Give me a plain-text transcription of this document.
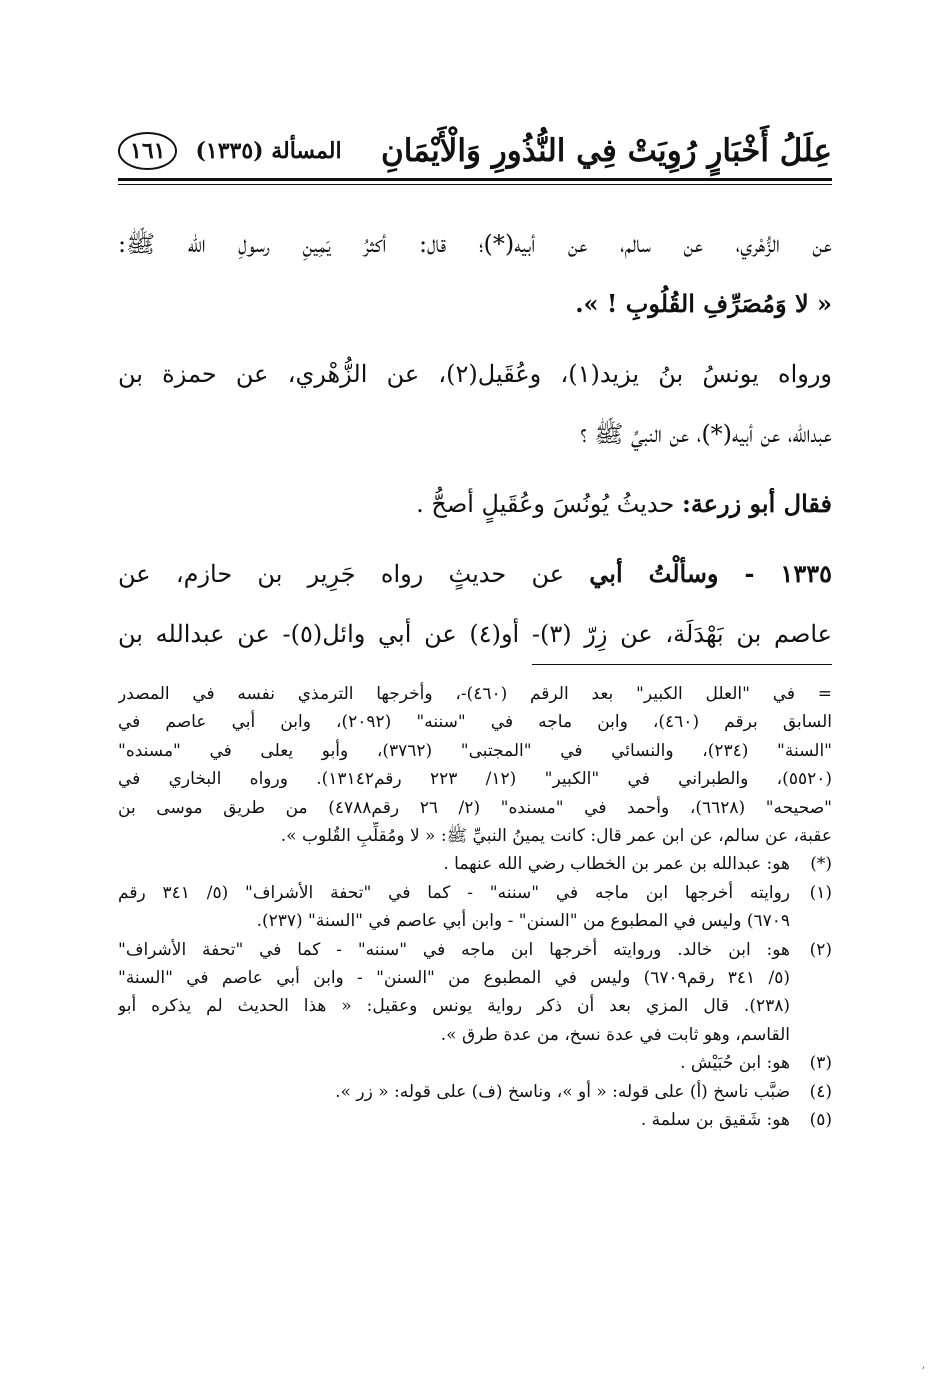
عِلَلُ أَخْبَارٍ رُوِيَتْ فِي النُّذُورِ وَالْأَيْمَانِ
المسألة (١٣٣٥)
١٦١
عن الزُّهْري، عن سالم، عن أبيه(*)؛ قال: أكثرُ يَمِينِ رسولِ الله ﷺ:
« لا وَمُصَرِّفِ القُلُوبِ ! ».
ورواه يونسُ بنُ يزيد(١)، وعُقَيل(٢)، عن الزُّهْري، عن حمزة بن
عبدالله، عن أبيه(*)، عن النبيِّ ﷺ ؟
فقال أبو زرعة: حديثُ يُونُسَ وعُقَيلٍ أصحُّ .
١٣٣٥ - وسألْتُ أبي عن حديثٍ رواه جَرِير بن حازم، عن
عاصم بن بَهْدَلَة، عن زِرّ (٣)- أو(٤) عن أبي وائل(٥)- عن عبدالله بن
= في "العلل الكبير" بعد الرقم (٤٦٠)-، وأخرجها الترمذي نفسه في المصدر
السابق برقم (٤٦٠)، وابن ماجه في "سننه" (٢٠٩٢)، وابن أبي عاصم في
"السنة" (٢٣٤)، والنسائي في "المجتبى" (٣٧٦٢)، وأبو يعلى في "مسنده"
(٥٥٢٠)، والطبراني في "الكبير" (١٢/ ٢٢٣ رقم١٣١٤٢). ورواه البخاري في
"صحيحه" (٦٦٢٨)، وأحمد في "مسنده" (٢/ ٢٦ رقم٤٧٨٨) من طريق موسى بن
عقبة، عن سالم، عن ابن عمر قال: كانت يمينُ النبيِّ ﷺ: « لا ومُقلِّبِ القُلوب ».
(*)
هو: عبدالله بن عمر بن الخطاب رضي الله عنهما .
(١)
روايته أخرجها ابن ماجه في "سننه" - كما في "تحفة الأشراف" (٥/ ٣٤١ رقم
٦٧٠٩) وليس في المطبوع من "السنن" - وابن أبي عاصم في "السنة" (٢٣٧).
(٢)
هو: ابن خالد. وروايته أخرجها ابن ماجه في "سننه" - كما في "تحفة الأشراف"
(٥/ ٣٤١ رقم٦٧٠٩) وليس في المطبوع من "السنن" - وابن أبي عاصم في "السنة"
(٢٣٨). قال المزي بعد أن ذكر رواية يونس وعقيل: « هذا الحديث لم يذكره أبو
القاسم، وهو ثابت في عدة نسخ، من عدة طرق ».
(٣)
هو: ابن حُبَيْش .
(٤)
ضبَّب ناسخ (أ) على قوله: « أو »، وناسخ (ف) على قوله: « زر ».
(٥)
هو: شَقيق بن سلمة .
׳
